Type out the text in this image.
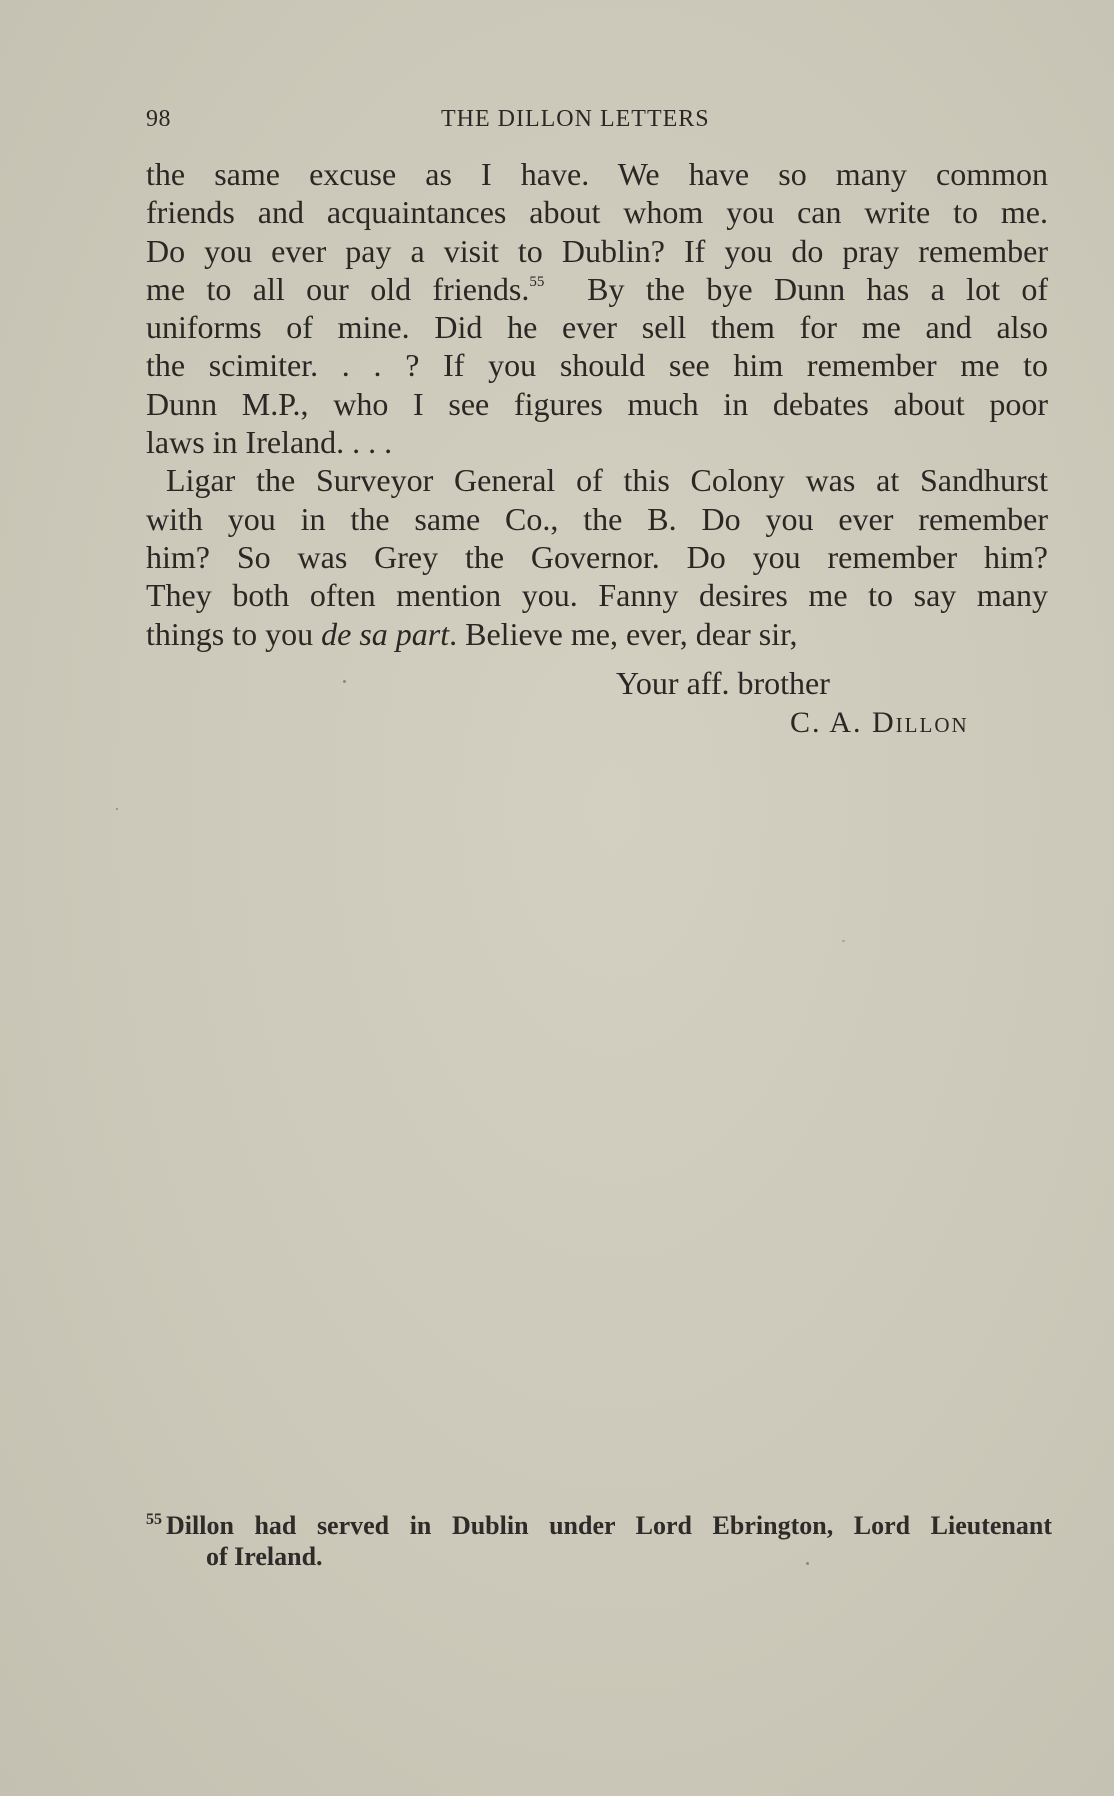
98	THE DILLON LETTERS
the same excuse as I have. We have so many common
friends and acquaintances about whom you can write to me.
Do you ever pay a visit to Dublin? If you do pray remember
me to all our old friends.$^{55}$ By the bye Dunn has a lot of
uniforms of mine. Did he ever sell them for me and also
the scimiter. . . ? If you should see him remember me to
Dunn M.P., who I see figures much in debates about poor
laws in Ireland. . . .
Ligar the Surveyor General of this Colony was at Sandhurst
with you in the same Co., the B. Do you ever remember
him? So was Grey the Governor. Do you remember him?
They both often mention you. Fanny desires me to say many
things to you de sa part. Believe me, ever, dear sir,
Your aff. brother
C. A. Dillon
$^{55}$ Dillon had served in Dublin under Lord Ebrington, Lord Lieutenant
of Ireland.
